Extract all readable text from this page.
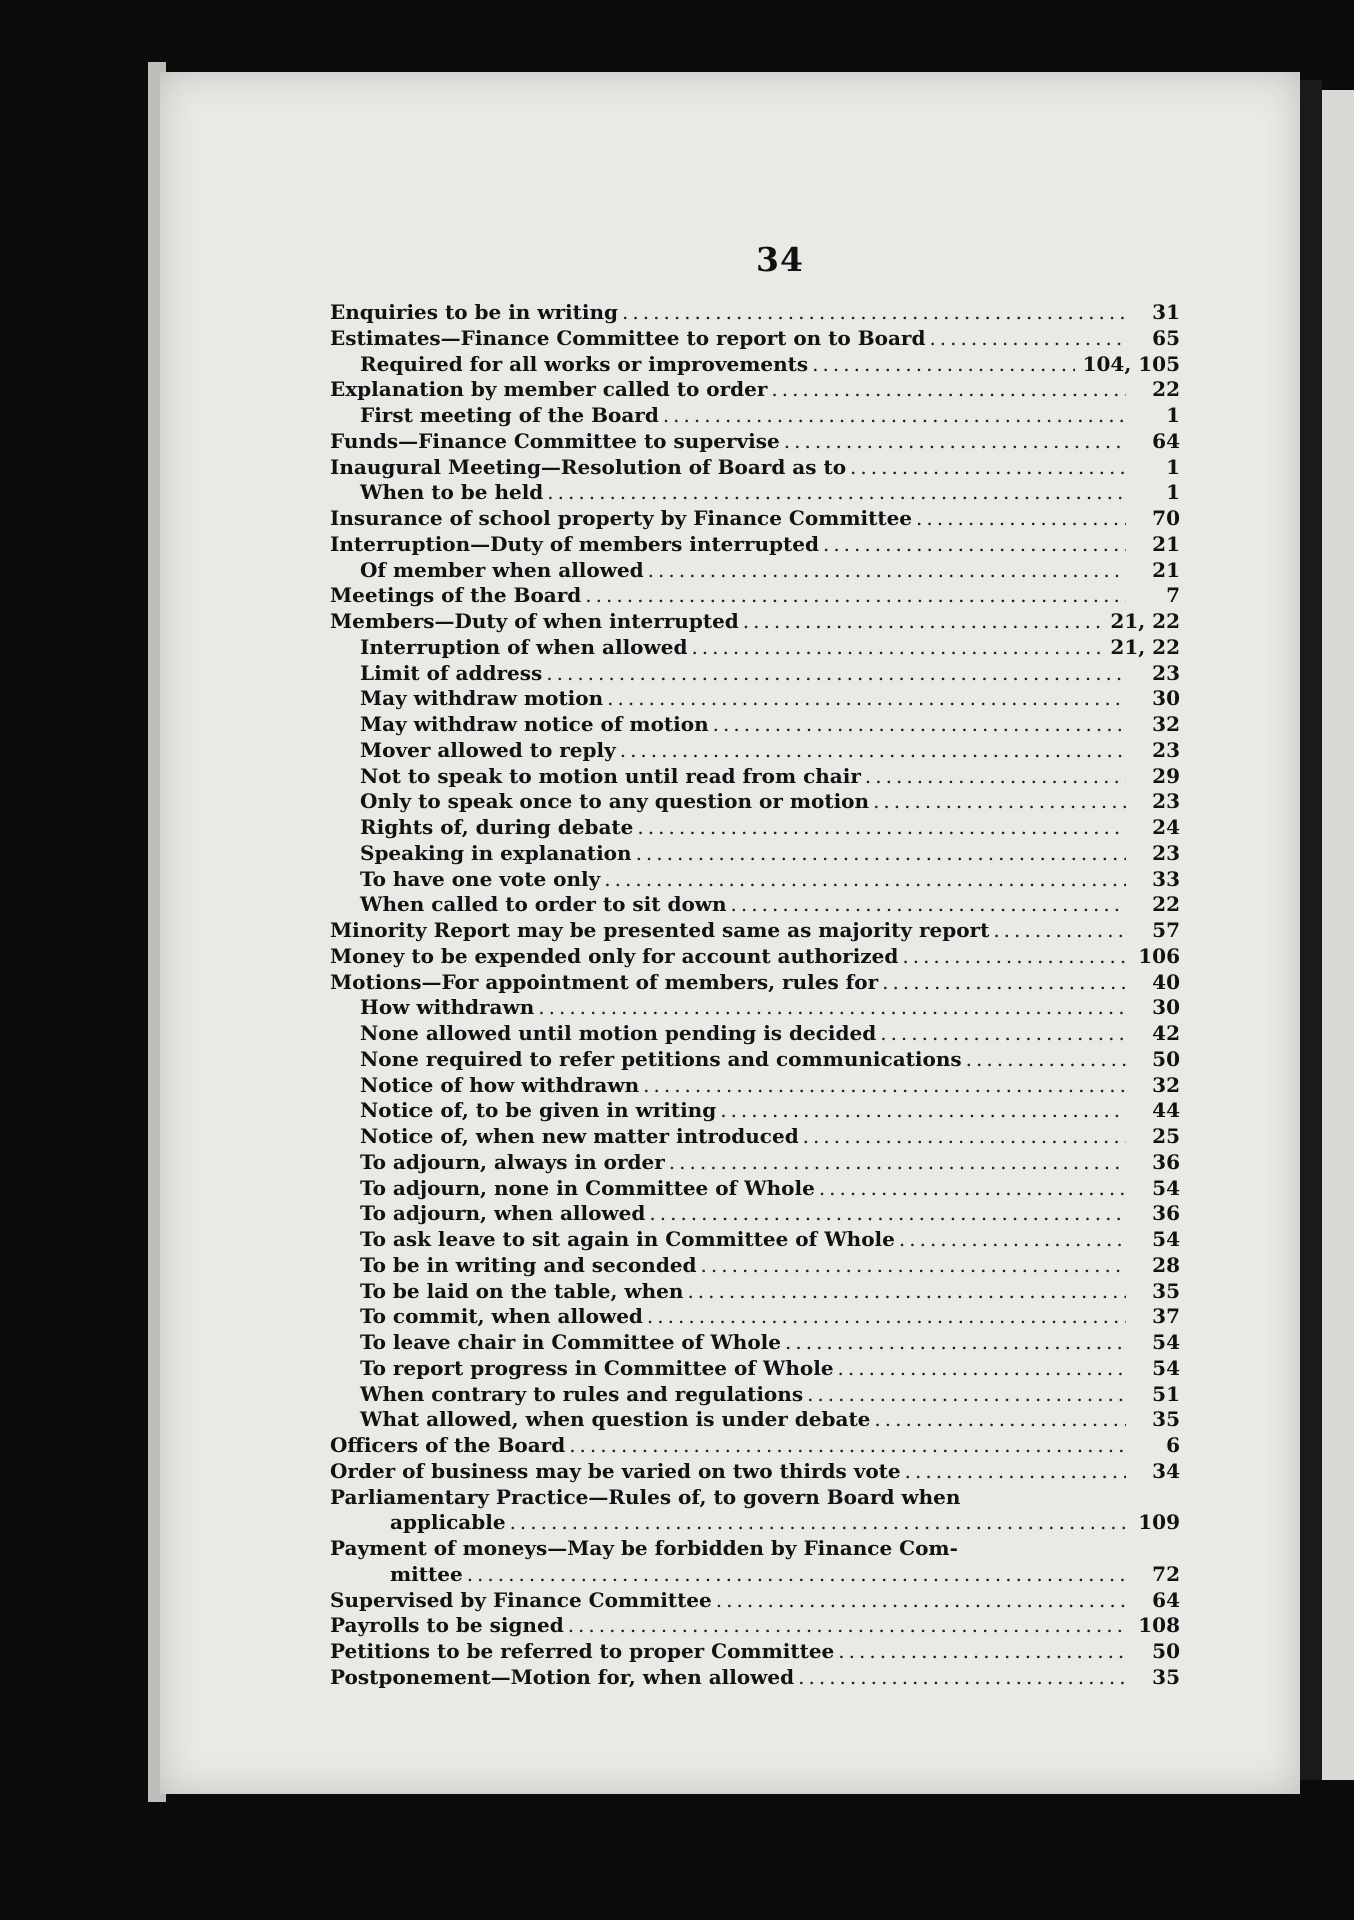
34
Enquiries to be in writing .....	31
Estimates—Finance Committee to report on to Board .....	65
Required for all works or improvements .....	104, 105
Explanation by member called to order .....	22
First meeting of the Board .....	1
Funds—Finance Committee to supervise .....	64
Inaugural Meeting—Resolution of Board as to .....	1
When to be held .....	1
Insurance of school property by Finance Committee .....	70
Interruption—Duty of members interrupted .....	21
Of member when allowed .....	21
Meetings of the Board .....	7
Members—Duty of when interrupted .....	21, 22
Interruption of when allowed .....	21, 22
Limit of address .....	23
May withdraw motion .....	30
May withdraw notice of motion .....	32
Mover allowed to reply .....	23
Not to speak to motion until read from chair .....	29
Only to speak once to any question or motion .....	23
Rights of, during debate .....	24
Speaking in explanation .....	23
To have one vote only .....	33
When called to order to sit down .....	22
Minority Report may be presented same as majority report .....	57
Money to be expended only for account authorized .....	106
Motions—For appointment of members, rules for .....	40
How withdrawn .....	30
None allowed until motion pending is decided .....	42
None required to refer petitions and communications .....	50
Notice of how withdrawn .....	32
Notice of, to be given in writing .....	44
Notice of, when new matter introduced .....	25
To adjourn, always in order .....	36
To adjourn, none in Committee of Whole .....	54
To adjourn, when allowed .....	36
To ask leave to sit again in Committee of Whole .....	54
To be in writing and seconded .....	28
To be laid on the table, when .....	35
To commit, when allowed .....	37
To leave chair in Committee of Whole .....	54
To report progress in Committee of Whole .....	54
When contrary to rules and regulations .....	51
What allowed, when question is under debate .....	35
Officers of the Board .....	6
Order of business may be varied on two thirds vote .....	34
Parliamentary Practice—Rules of, to govern Board when
applicable .....	109
Payment of moneys—May be forbidden by Finance Com-
mittee .....	72
Supervised by Finance Committee .....	64
Payrolls to be signed .....	108
Petitions to be referred to proper Committee .....	50
Postponement—Motion for, when allowed .....	35
